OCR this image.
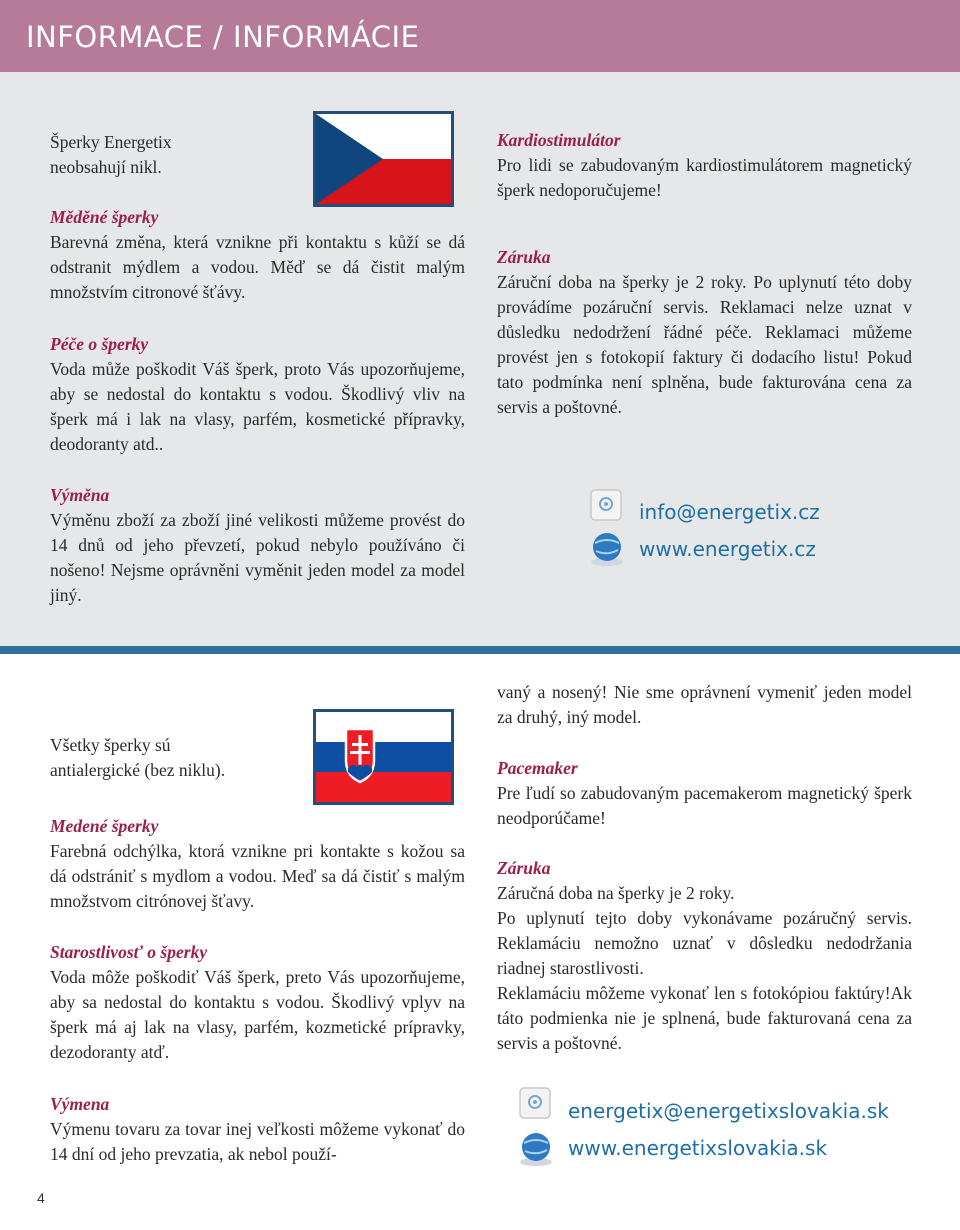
INFORMACE / INFORMÁCIE

Šperky Energetix

neobsahují nikl.

Měděné šperky

Barevná změna, která vznikne při kontaktu s kůží se dá odstranit mýdlem a vodou. Měď se dá čistit malým množstvím citronové šťávy.

Péče o šperky

Voda může poškodit Váš šperk, proto Vás upozorňujeme, aby se nedostal do kontaktu s vodou. Škodlivý vliv na šperk má i lak na vlasy, parfém, kosmetické přípravky, deodoranty atd..

Výměna

Výměnu zboží za zboží jiné velikosti můžeme provést do 14 dnů od jeho převzetí, pokud nebylo používáno či nošeno! Nejsme oprávněni vyměnit jeden model za model jiný.

Kardiostimulátor

Pro lidi se zabudovaným kardiostimulátorem magnetický šperk nedoporučujeme!

Záruka

Záruční doba na šperky je 2 roky. Po uplynutí této doby provádíme pozáruční servis. Reklamaci nelze uznat v důsledku nedodržení řádné péče. Reklamaci můžeme provést jen s fotokopií faktury či dodacího listu! Pokud tato podmínka není splněna, bude fakturována cena za servis a poštovné.

info@energetix.cz
www.energetix.cz

Všetky šperky sú

antialergické (bez niklu).

Medené šperky

Farebná odchýlka, ktorá vznikne pri kontakte s kožou sa dá odstrániť s mydlom a vodou. Meď sa dá čistiť s malým množstvom citrónovej šťavy.

Starostlivosť o šperky

Voda môže poškodiť Váš šperk, preto Vás upozorňujeme, aby sa nedostal do kontaktu s vodou. Škodlivý vplyv na šperk má aj lak na vlasy, parfém, kozmetické prípravky, dezodoranty atď.

Výmena

Výmenu tovaru za tovar inej veľkosti môžeme vykonať do 14 dní od jeho prevzatia, ak nebol použí-

vaný a nosený! Nie sme oprávnení vymeniť jeden model za druhý, iný model.

Pacemaker

Pre ľudí so zabudovaným pacemakerom magnetický šperk neodporúčame!

Záruka

Záručná doba na šperky je 2 roky.

Po uplynutí tejto doby vykonávame pozáručný servis. Reklamáciu nemožno uznať v dôsledku nedodržania riadnej starostlivosti.

Reklamáciu môžeme vykonať len s fotokópiou faktúry!Ak táto podmienka nie je splnená, bude fakturovaná cena za servis a poštovné.

energetix@energetixslovakia.sk
www.energetixslovakia.sk
4
